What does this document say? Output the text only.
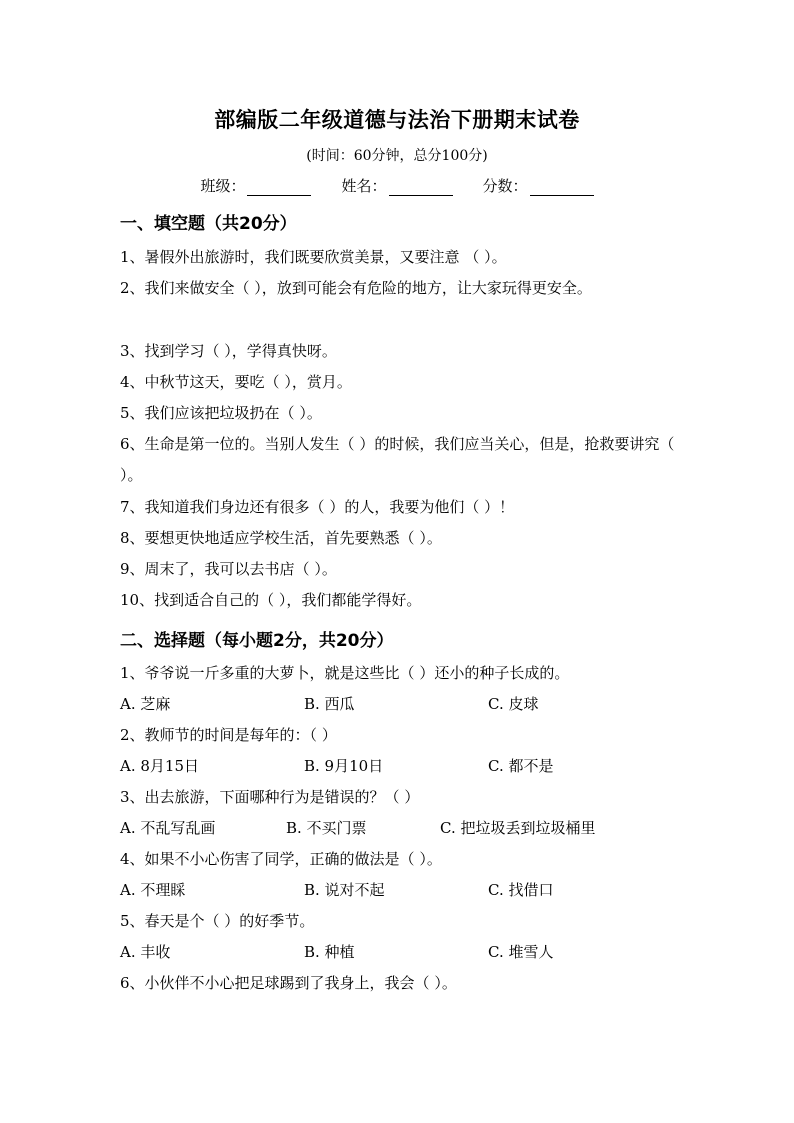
部编版二年级道德与法治下册期末试卷
(时间：60分钟，总分100分)
班级：	姓名：	分数：
一、填空题（共20分）
1、暑假外出旅游时，我们既要欣赏美景，又要注意 （ ）。
2、我们来做安全（ ），放到可能会有危险的地方，让大家玩得更安全。
3、找到学习（ ），学得真快呀。
4、中秋节这天，要吃（ ），赏月。
5、我们应该把垃圾扔在（ ）。
6、生命是第一位的。当别人发生（ ）的时候，我们应当关心，但是，抢救要讲究（ ）。
7、我知道我们身边还有很多（ ）的人，我要为他们（ ）！
8、要想更快地适应学校生活，首先要熟悉（ ）。
9、周末了，我可以去书店（ ）。
10、找到适合自己的（ ），我们都能学得好。
二、选择题（每小题2分，共20分）
1、爷爷说一斤多重的大萝卜，就是这些比（ ）还小的种子长成的。
A. 芝麻	B. 西瓜	C. 皮球
2、教师节的时间是每年的：（ ）
A. 8月15日	B. 9月10日	C. 都不是
3、出去旅游，下面哪种行为是错误的？（ ）
A. 不乱写乱画	B. 不买门票	C. 把垃圾丢到垃圾桶里
4、如果不小心伤害了同学，正确的做法是（ ）。
A. 不理睬	B. 说对不起	C. 找借口
5、春天是个（ ）的好季节。
A. 丰收	B. 种植	C. 堆雪人
6、小伙伴不小心把足球踢到了我身上，我会（ ）。
